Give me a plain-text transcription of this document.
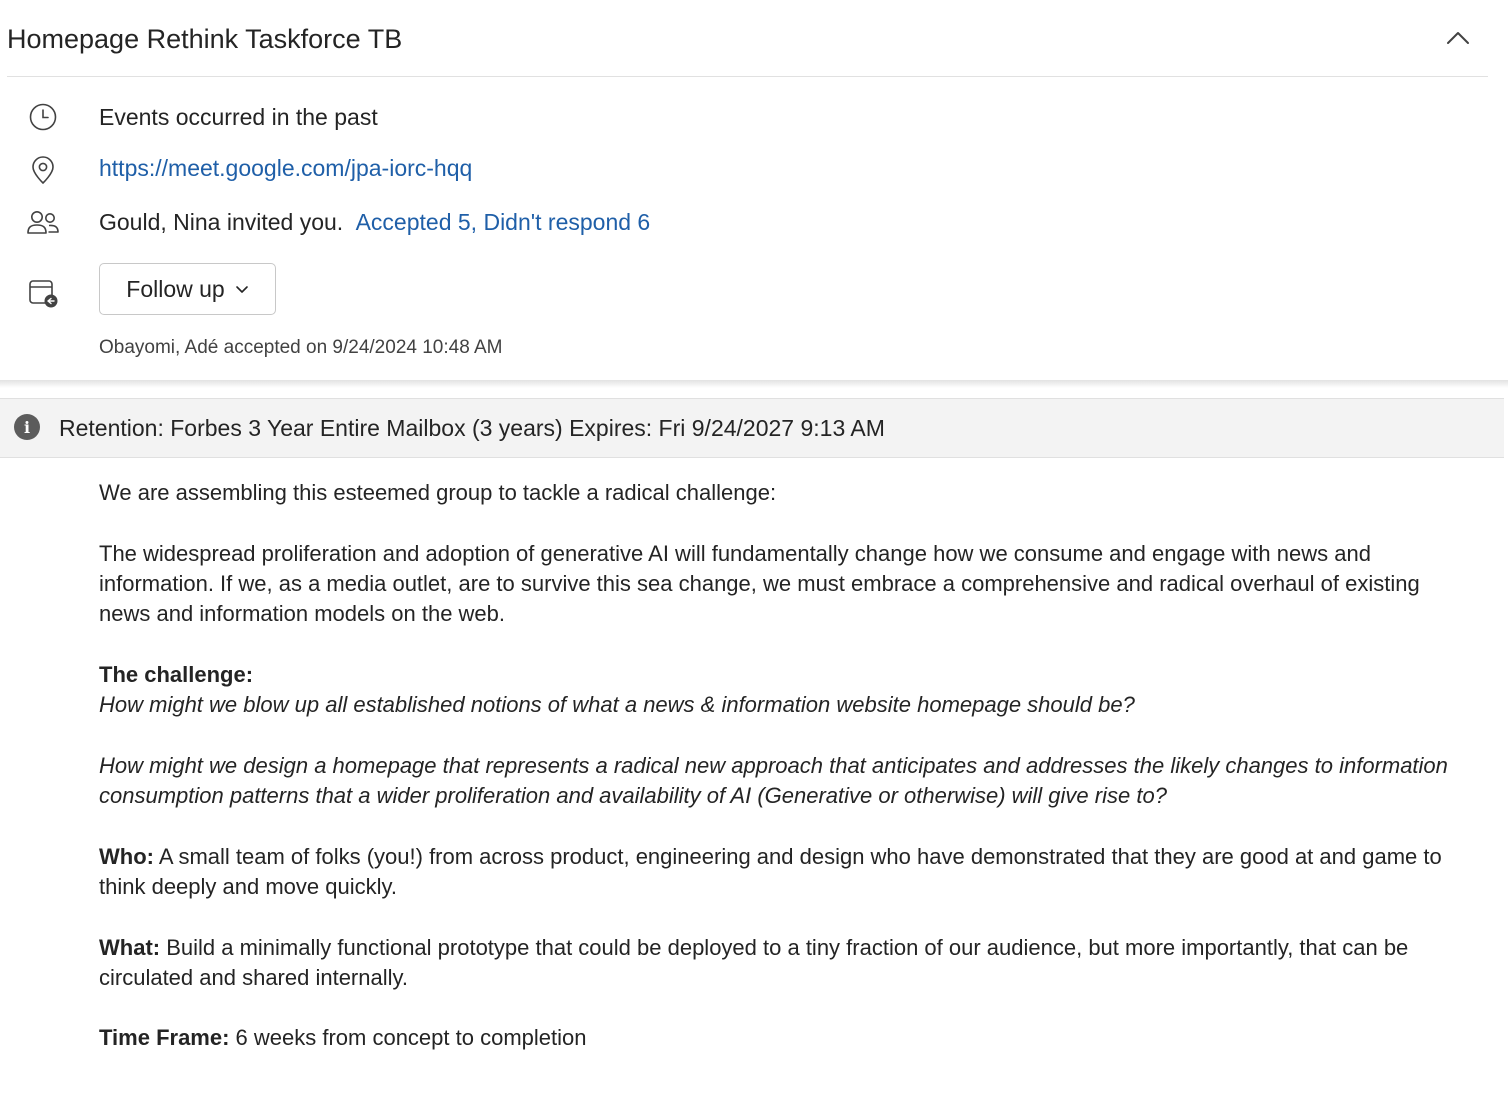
Homepage Rethink Taskforce TB
Events occurred in the past
https://meet.google.com/jpa-iorc-hqq
Gould, Nina invited you. Accepted 5, Didn't respond 6
Follow up
Obayomi, Adé accepted on 9/24/2024 10:48 AM
i	Retention: Forbes 3 Year Entire Mailbox (3 years) Expires: Fri 9/24/2027 9:13 AM

We are assembling this esteemed group to tackle a radical challenge:

The widespread proliferation and adoption of generative AI will fundamentally change how we consume and engage with news and information. If we, as a media outlet, are to survive this sea change, we must embrace a comprehensive and radical overhaul of existing news and information models on the web.

The challenge:
How might we blow up all established notions of what a news & information website homepage should be?

How might we design a homepage that represents a radical new approach that anticipates and addresses the likely changes to information consumption patterns that a wider proliferation and availability of AI (Generative or otherwise) will give rise to?

Who: A small team of folks (you!) from across product, engineering and design who have demonstrated that they are good at and game to think deeply and move quickly.

What: Build a minimally functional prototype that could be deployed to a tiny fraction of our audience, but more importantly, that can be circulated and shared internally.

Time Frame: 6 weeks from concept to completion
